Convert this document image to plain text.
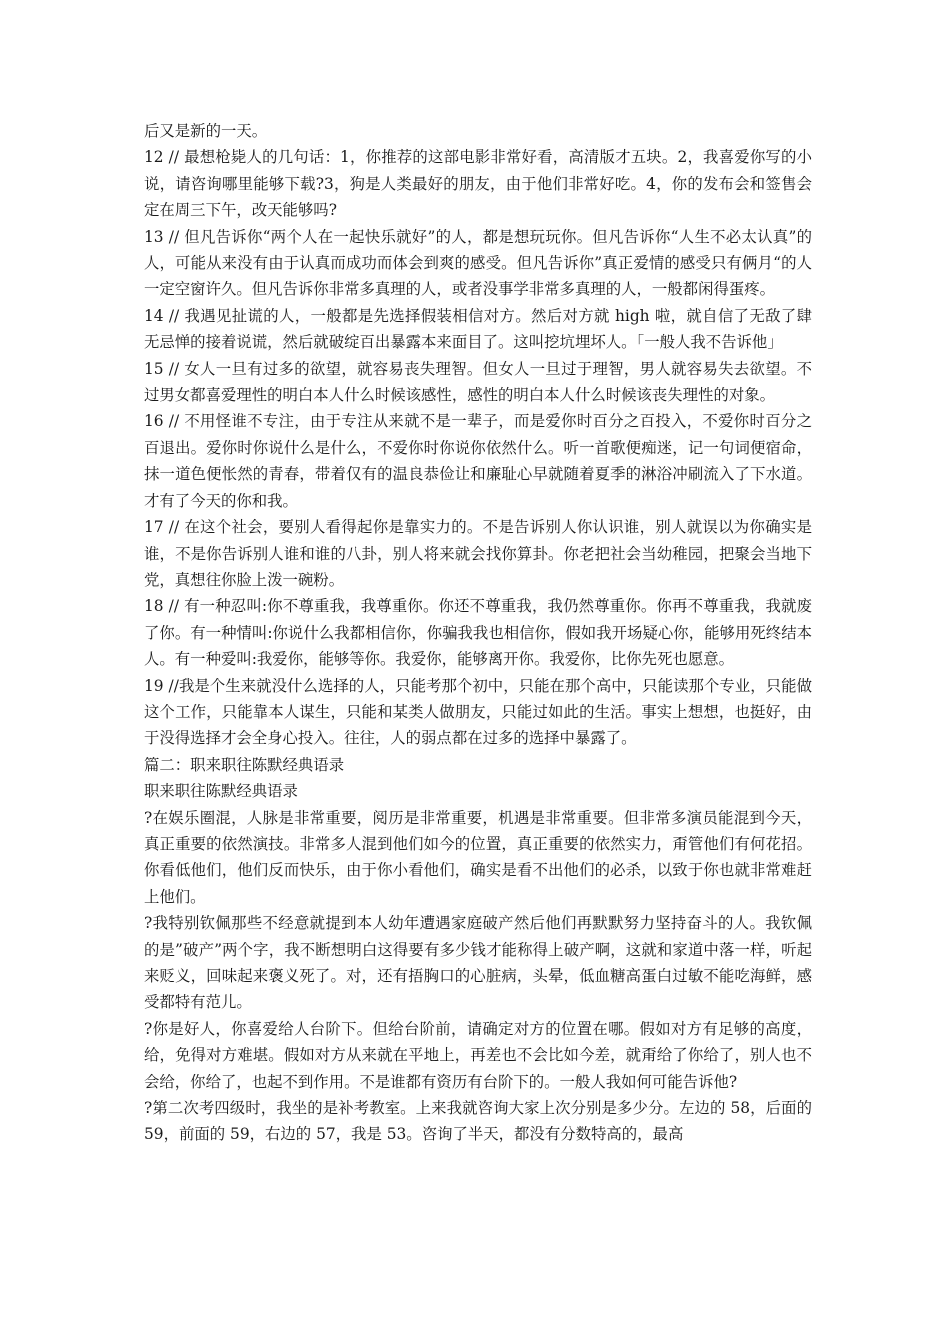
后又是新的一天。

12 // 最想枪毙人的几句话：1，你推荐的这部电影非常好看，高清版才五块。2，我喜爱你写的小说，请咨询哪里能够下载?3，狗是人类最好的朋友，由于他们非常好吃。4，你的发布会和签售会定在周三下午，改天能够吗?

13 // 但凡告诉你“两个人在一起快乐就好”的人，都是想玩玩你。但凡告诉你“人生不必太认真”的人，可能从来没有由于认真而成功而体会到爽的感受。但凡告诉你”真正爱情的感受只有俩月“的人一定空窗许久。但凡告诉你非常多真理的人，或者没事学非常多真理的人，一般都闲得蛋疼。

14 // 我遇见扯谎的人，一般都是先选择假装相信对方。然后对方就 high 啦，就自信了无敌了肆无忌惮的接着说谎，然后就破绽百出暴露本来面目了。这叫挖坑埋坏人。「一般人我不告诉他」

15 // 女人一旦有过多的欲望，就容易丧失理智。但女人一旦过于理智，男人就容易失去欲望。不过男女都喜爱理性的明白本人什么时候该感性，感性的明白本人什么时候该丧失理性的对象。

16 // 不用怪谁不专注，由于专注从来就不是一辈子，而是爱你时百分之百投入，不爱你时百分之百退出。爱你时你说什么是什么，不爱你时你说你依然什么。听一首歌便痴迷，记一句词便宿命，抹一道色便怅然的青春，带着仅有的温良恭俭让和廉耻心早就随着夏季的淋浴冲刷流入了下水道。才有了今天的你和我。

17 // 在这个社会，要别人看得起你是靠实力的。不是告诉别人你认识谁，别人就误以为你确实是谁，不是你告诉别人谁和谁的八卦，别人将来就会找你算卦。你老把社会当幼稚园，把聚会当地下党，真想往你脸上泼一碗粉。

18 // 有一种忍叫:你不尊重我，我尊重你。你还不尊重我，我仍然尊重你。你再不尊重我，我就废了你。有一种情叫:你说什么我都相信你，你骗我我也相信你，假如我开场疑心你，能够用死终结本人。有一种爱叫:我爱你，能够等你。我爱你，能够离开你。我爱你，比你先死也愿意。

19 //我是个生来就没什么选择的人，只能考那个初中，只能在那个高中，只能读那个专业，只能做这个工作，只能靠本人谋生，只能和某类人做朋友，只能过如此的生活。事实上想想，也挺好，由于没得选择才会全身心投入。往往，人的弱点都在过多的选择中暴露了。

篇二：职来职往陈默经典语录

职来职往陈默经典语录

?在娱乐圈混，人脉是非常重要，阅历是非常重要，机遇是非常重要。但非常多演员能混到今天，真正重要的依然演技。非常多人混到他们如今的位置，真正重要的依然实力，甭管他们有何花招。你看低他们，他们反而快乐，由于你小看他们，确实是看不出他们的必杀，以致于你也就非常难赶上他们。

?我特别钦佩那些不经意就提到本人幼年遭遇家庭破产然后他们再默默努力坚持奋斗的人。我钦佩的是”破产”两个字，我不断想明白这得要有多少钱才能称得上破产啊，这就和家道中落一样，听起来贬义，回味起来褒义死了。对，还有捂胸口的心脏病，头晕，低血糖高蛋白过敏不能吃海鲜，感受都特有范儿。

?你是好人，你喜爱给人台阶下。但给台阶前，请确定对方的位置在哪。假如对方有足够的高度，给，免得对方难堪。假如对方从来就在平地上，再差也不会比如今差，就甭给了你给了，别人也不会给，你给了，也起不到作用。不是谁都有资历有台阶下的。一般人我如何可能告诉他?

?第二次考四级时，我坐的是补考教室。上来我就咨询大家上次分别是多少分。左边的 58，后面的 59，前面的 59，右边的 57，我是 53。咨询了半天，都没有分数特高的，最高
